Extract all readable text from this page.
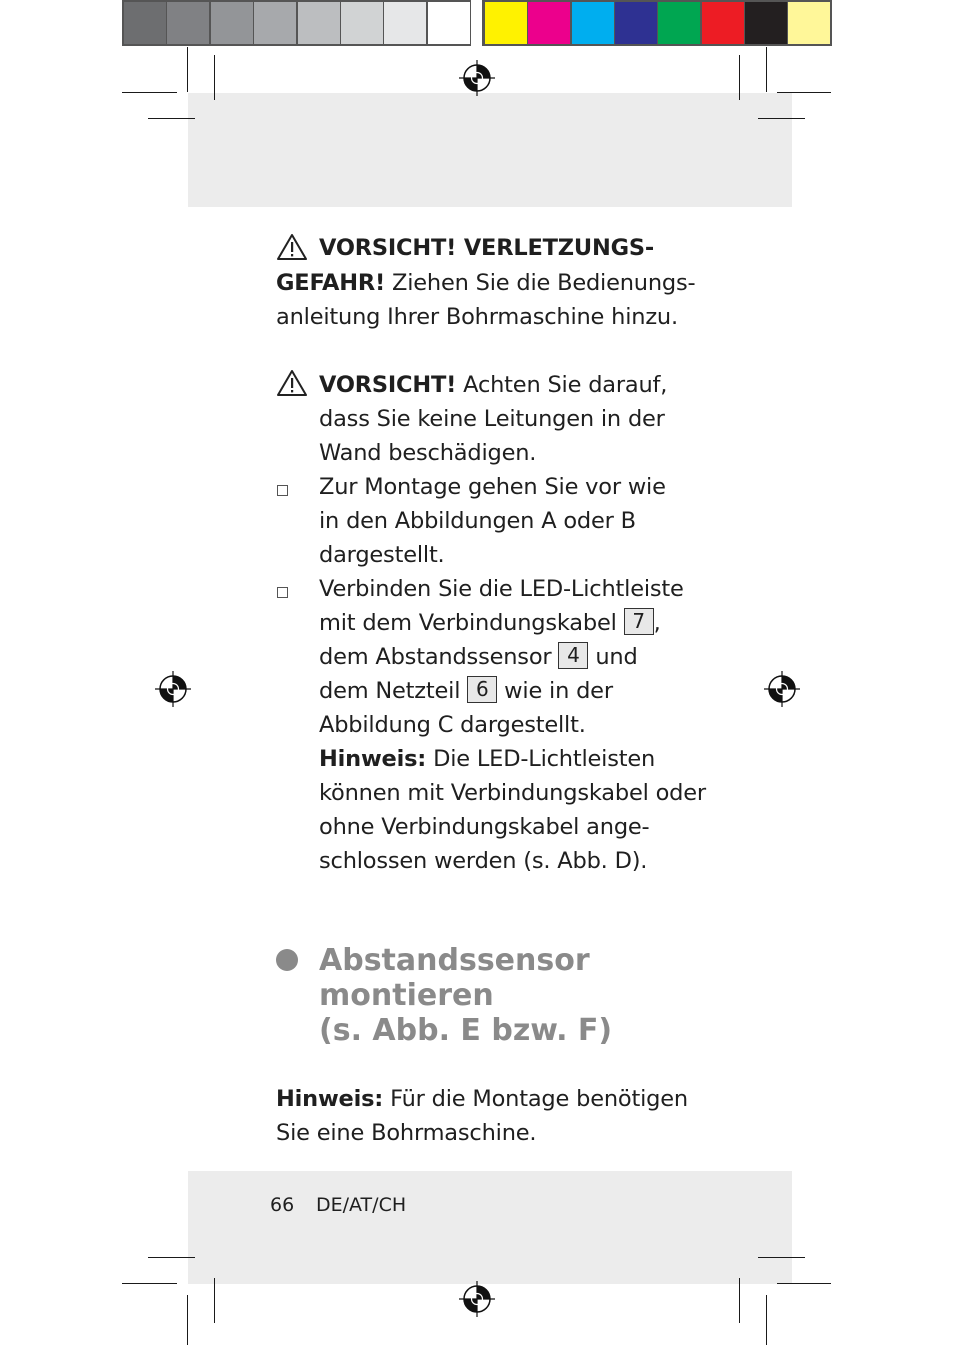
VORSICHT! VERLETZUNGS-
GEFAHR! Ziehen Sie die Bedienungs-
anleitung Ihrer Bohrmaschine hinzu.
VORSICHT! Achten Sie darauf,
dass Sie keine Leitungen in der
Wand beschädigen.
Zur Montage gehen Sie vor wie
in den Abbildungen A oder B
dargestellt.
Verbinden Sie die LED-Lichtleiste
mit dem Verbindungskabel 7 ,
dem Abstandssensor 4 und
dem Netzteil 6 wie in der
Abbildung C dargestellt.
Hinweis: Die LED-Lichtleisten
können mit Verbindungskabel oder
ohne Verbindungskabel ange-
schlossen werden (s. Abb. D).
Abstandssensor
montieren
(s. Abb. E bzw. F)
Hinweis: Für die Montage benötigen
Sie eine Bohrmaschine.
66 DE/AT/CH
